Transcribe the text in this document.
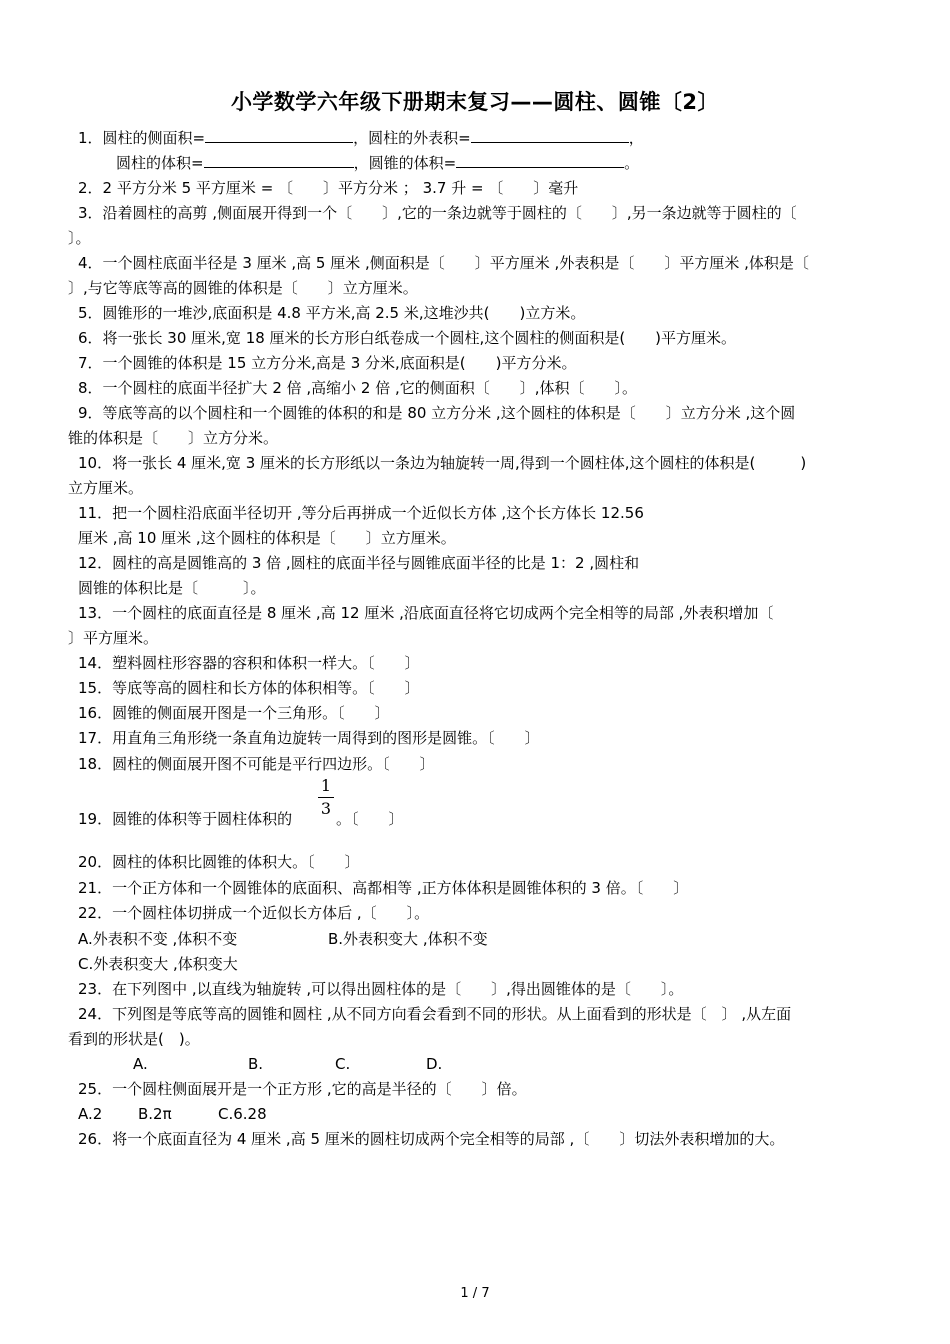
小学数学六年级下册期末复习——圆柱、圆锥〔2〕
1．圆柱的侧面积=	，圆柱的外表积=	，
圆柱的体积=	，圆锥的体积=	。
2．2 平方分米 5 平方厘米 = 〔　　〕平方分米 ； 3.7 升 = 〔　　〕毫升
3．沿着圆柱的高剪 ,侧面展开得到一个〔　　〕,它的一条边就等于圆柱的〔　　〕,另一条边就等于圆柱的〔
〕。
4．一个圆柱底面半径是 3 厘米 ,高 5 厘米 ,侧面积是〔　　〕平方厘米 ,外表积是〔　　〕平方厘米 ,体积是〔
〕,与它等底等高的圆锥的体积是〔　　〕立方厘米。
5．圆锥形的一堆沙,底面积是 4.8 平方米,高 2.5 米,这堆沙共(　　)立方米。
6．将一张长 30 厘米,宽 18 厘米的长方形白纸卷成一个圆柱,这个圆柱的侧面积是(　　)平方厘米。
7．一个圆锥的体积是 15 立方分米,高是 3 分米,底面积是(　　)平方分米。
8．一个圆柱的底面半径扩大 2 倍 ,高缩小 2 倍 ,它的侧面积〔　　〕,体积〔　　〕。
9．等底等高的以个圆柱和一个圆锥的体积的和是 80 立方分米 ,这个圆柱的体积是〔　　〕立方分米 ,这个圆
锥的体积是〔　　〕立方分米。
10．将一张长 4 厘米,宽 3 厘米的长方形纸以一条边为轴旋转一周,得到一个圆柱体,这个圆柱的体积是(　　　)
立方厘米。
11．把一个圆柱沿底面半径切开 ,等分后再拼成一个近似长方体 ,这个长方体长 12.56
厘米 ,高 10 厘米 ,这个圆柱的体积是〔　　〕立方厘米。
12．圆柱的高是圆锥高的 3 倍 ,圆柱的底面半径与圆锥底面半径的比是 1：2 ,圆柱和
圆锥的体积比是〔　　　〕。
13．一个圆柱的底面直径是 8 厘米 ,高 12 厘米 ,沿底面直径将它切成两个完全相等的局部 ,外表积增加〔
〕平方厘米。
14．塑料圆柱形容器的容积和体积一样大。〔　　〕
15．等底等高的圆柱和长方体的体积相等。〔　　〕
16．圆锥的侧面展开图是一个三角形。〔　　〕
17．用直角三角形绕一条直角边旋转一周得到的图形是圆锥。〔　　〕
18．圆柱的侧面展开图不可能是平行四边形。〔　　〕
1
3
19．圆锥的体积等于圆柱体积的	。〔　　〕
20．圆柱的体积比圆锥的体积大。〔　　〕
21．一个正方体和一个圆锥体的底面积、高都相等 ,正方体体积是圆锥体积的 3 倍。〔　　〕
22．一个圆柱体切拼成一个近似长方体后 ,〔　　〕。
A.外表积不变 ,体积不变	B.外表积变大 ,体积不变
C.外表积变大 ,体积变大
23．在下列图中 ,以直线为轴旋转 ,可以得出圆柱体的是〔　　〕,得出圆锥体的是〔　　〕。
24．下列图是等底等高的圆锥和圆柱 ,从不同方向看会看到不同的形状。从上面看到的形状是〔　〕 ,从左面
看到的形状是(　)。
A.	B.	C.	D.
25．一个圆柱侧面展开是一个正方形 ,它的高是半径的〔　　〕倍。
A.2 B.2π	C.6.28
26．将一个底面直径为 4 厘米 ,高 5 厘米的圆柱切成两个完全相等的局部 ,〔　　〕切法外表积增加的大。
1 / 7
